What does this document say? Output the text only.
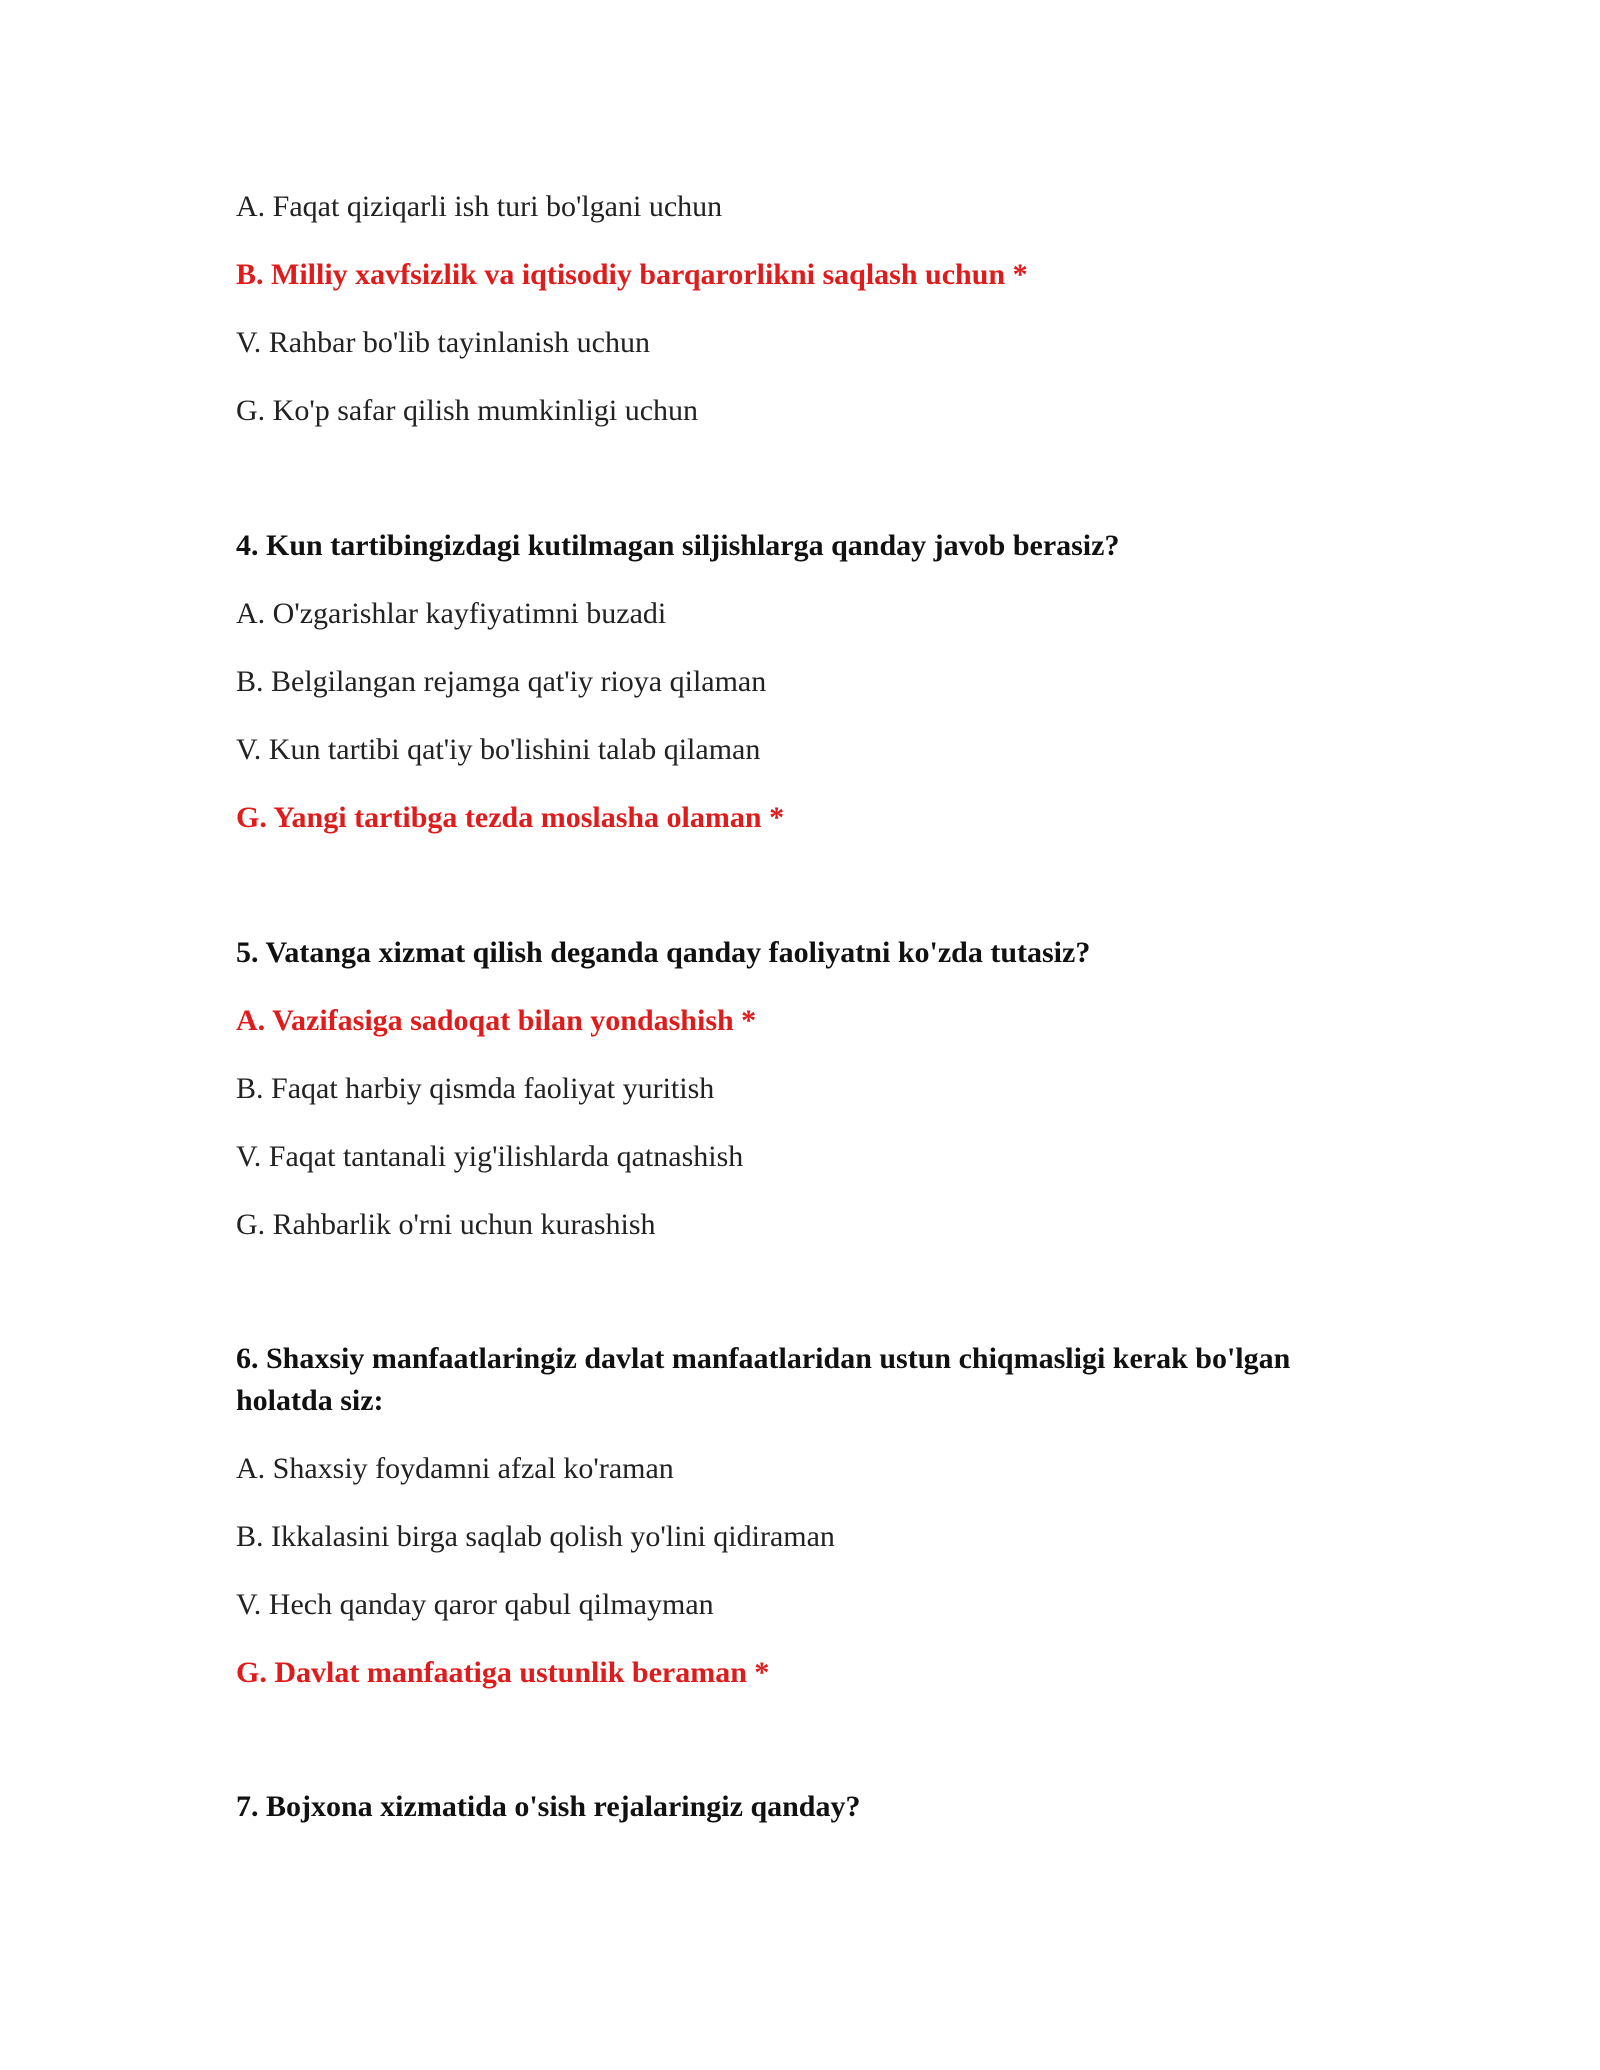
A. Faqat qiziqarli ish turi bo'lgani uchun
B. Milliy xavfsizlik va iqtisodiy barqarorlikni saqlash uchun *
V. Rahbar bo'lib tayinlanish uchun
G. Ko'p safar qilish mumkinligi uchun
4. Kun tartibingizdagi kutilmagan siljishlarga qanday javob berasiz?
A. O'zgarishlar kayfiyatimni buzadi
B. Belgilangan rejamga qat'iy rioya qilaman
V. Kun tartibi qat'iy bo'lishini talab qilaman
G. Yangi tartibga tezda moslasha olaman *
5. Vatanga xizmat qilish deganda qanday faoliyatni ko'zda tutasiz?
A. Vazifasiga sadoqat bilan yondashish *
B. Faqat harbiy qismda faoliyat yuritish
V. Faqat tantanali yig'ilishlarda qatnashish
G. Rahbarlik o'rni uchun kurashish
6. Shaxsiy manfaatlaringiz davlat manfaatlaridan ustun chiqmasligi kerak bo'lgan holatda siz:
A. Shaxsiy foydamni afzal ko'raman
B. Ikkalasini birga saqlab qolish yo'lini qidiraman
V. Hech qanday qaror qabul qilmayman
G. Davlat manfaatiga ustunlik beraman *
7. Bojxona xizmatida o'sish rejalaringiz qanday?
